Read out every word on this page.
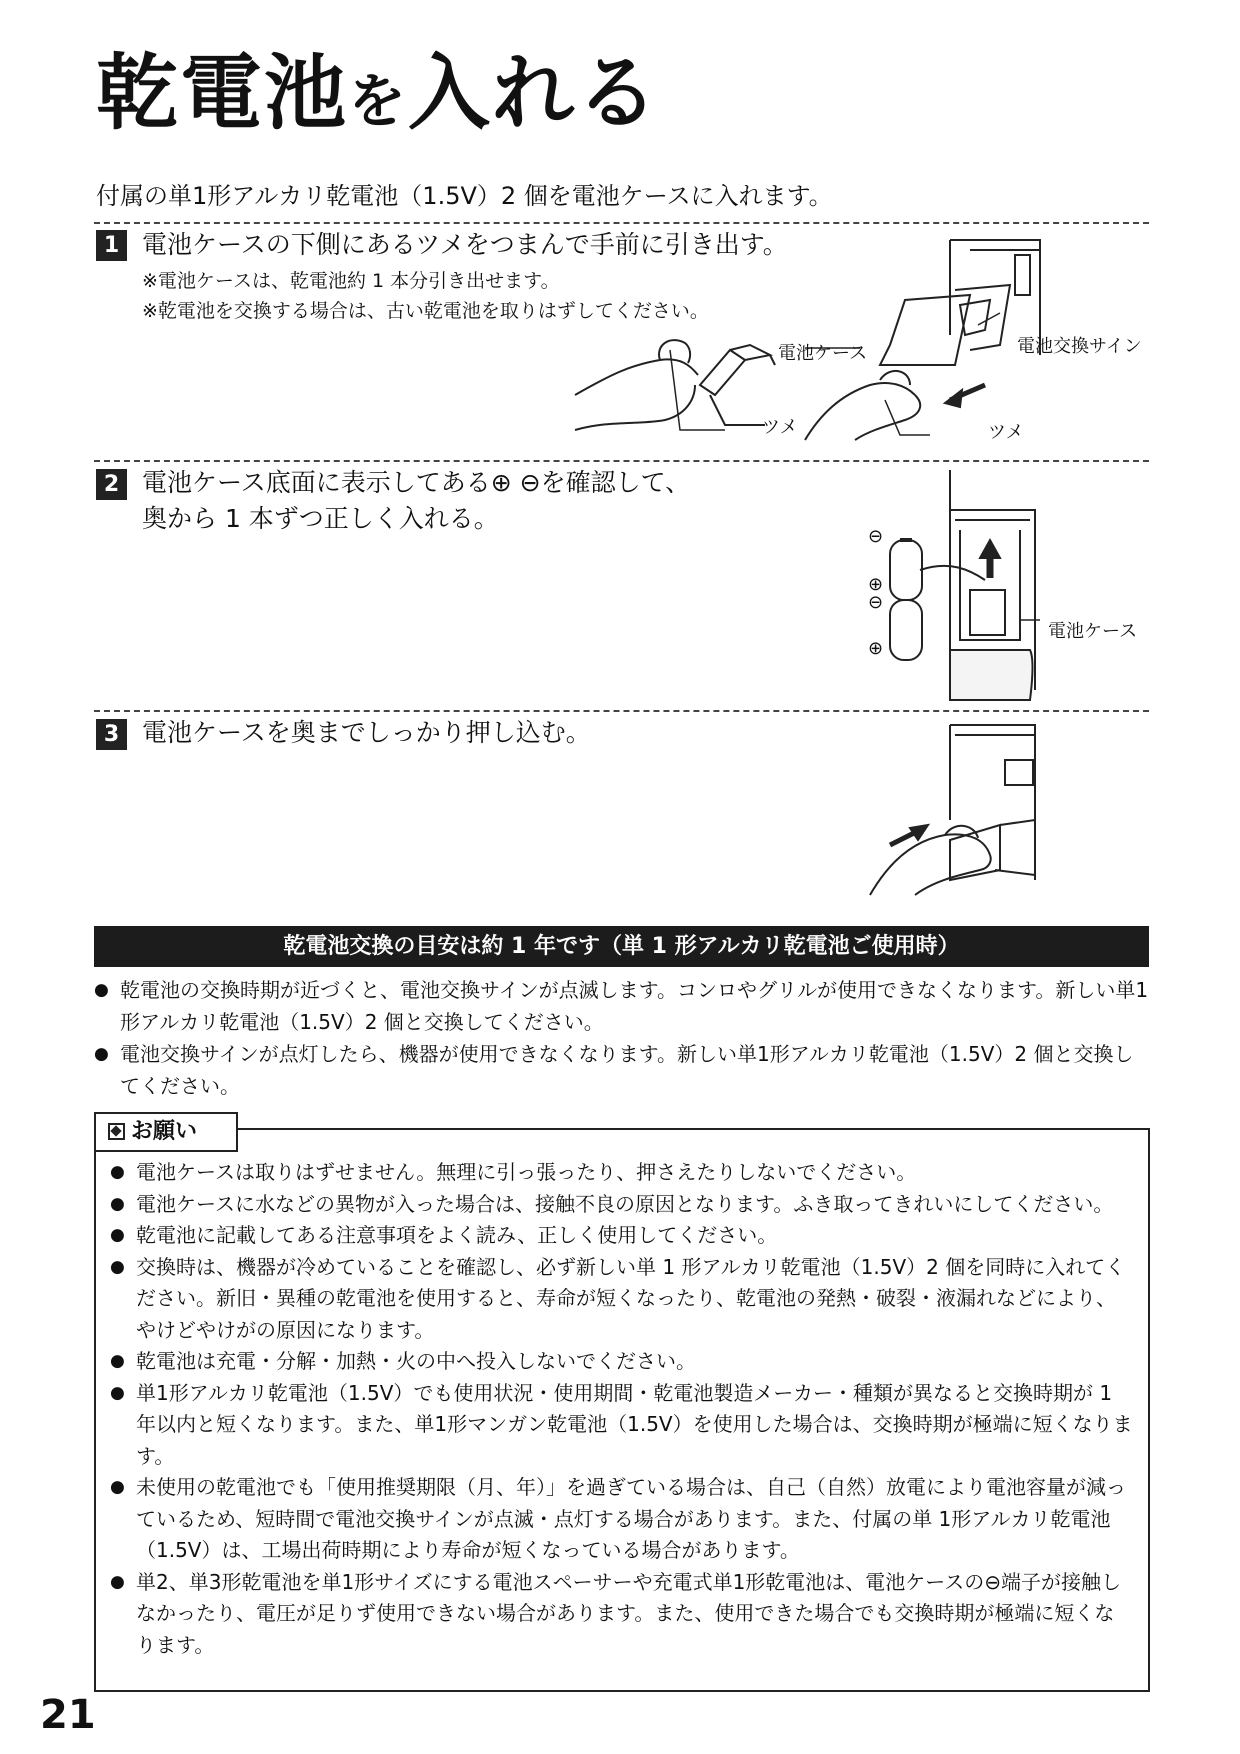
乾電池を入れる
付属の単1形アルカリ乾電池（1.5V）2 個を電池ケースに入れます。
1 電池ケースの下側にあるツメをつまんで手前に引き出す。
※電池ケースは、乾電池約 1 本分引き出せます。
※乾電池を交換する場合は、古い乾電池を取りはずしてください。
電池ケース	電池交換サイン
ツメ	ツメ
2 電池ケース底面に表示してある⊕ ⊖を確認して、
奥から 1 本ずつ正しく入れる。
⊖
⊕
⊖
⊕
電池ケース
3 電池ケースを奥までしっかり押し込む。
乾電池交換の目安は約 1 年です（単 1 形アルカリ乾電池ご使用時）
● 乾電池の交換時期が近づくと、電池交換サインが点滅します。コンロやグリルが使用できなくなります。新しい単1形アルカリ乾電池（1.5V）2 個と交換してください。
● 電池交換サインが点灯したら、機器が使用できなくなります。新しい単1形アルカリ乾電池（1.5V）2 個と交換してください。
お願い
● 電池ケースは取りはずせません。無理に引っ張ったり、押さえたりしないでください。
● 電池ケースに水などの異物が入った場合は、接触不良の原因となります。ふき取ってきれいにしてください。
● 乾電池に記載してある注意事項をよく読み、正しく使用してください。
● 交換時は、機器が冷めていることを確認し、必ず新しい単 1 形アルカリ乾電池（1.5V）2 個を同時に入れてください。新旧・異種の乾電池を使用すると、寿命が短くなったり、乾電池の発熱・破裂・液漏れなどにより、やけどやけがの原因になります。
● 乾電池は充電・分解・加熱・火の中へ投入しないでください。
● 単1形アルカリ乾電池（1.5V）でも使用状況・使用期間・乾電池製造メーカー・種類が異なると交換時期が 1 年以内と短くなります。また、単1形マンガン乾電池（1.5V）を使用した場合は、交換時期が極端に短くなります。
● 未使用の乾電池でも「使用推奨期限（月、年）」を過ぎている場合は、自己（自然）放電により電池容量が減っているため、短時間で電池交換サインが点滅・点灯する場合があります。また、付属の単 1形アルカリ乾電池（1.5V）は、工場出荷時期により寿命が短くなっている場合があります。
● 単2、単3形乾電池を単1形サイズにする電池スペーサーや充電式単1形乾電池は、電池ケースの⊖端子が接触しなかったり、電圧が足りず使用できない場合があります。また、使用できた場合でも交換時期が極端に短くなります。
21
